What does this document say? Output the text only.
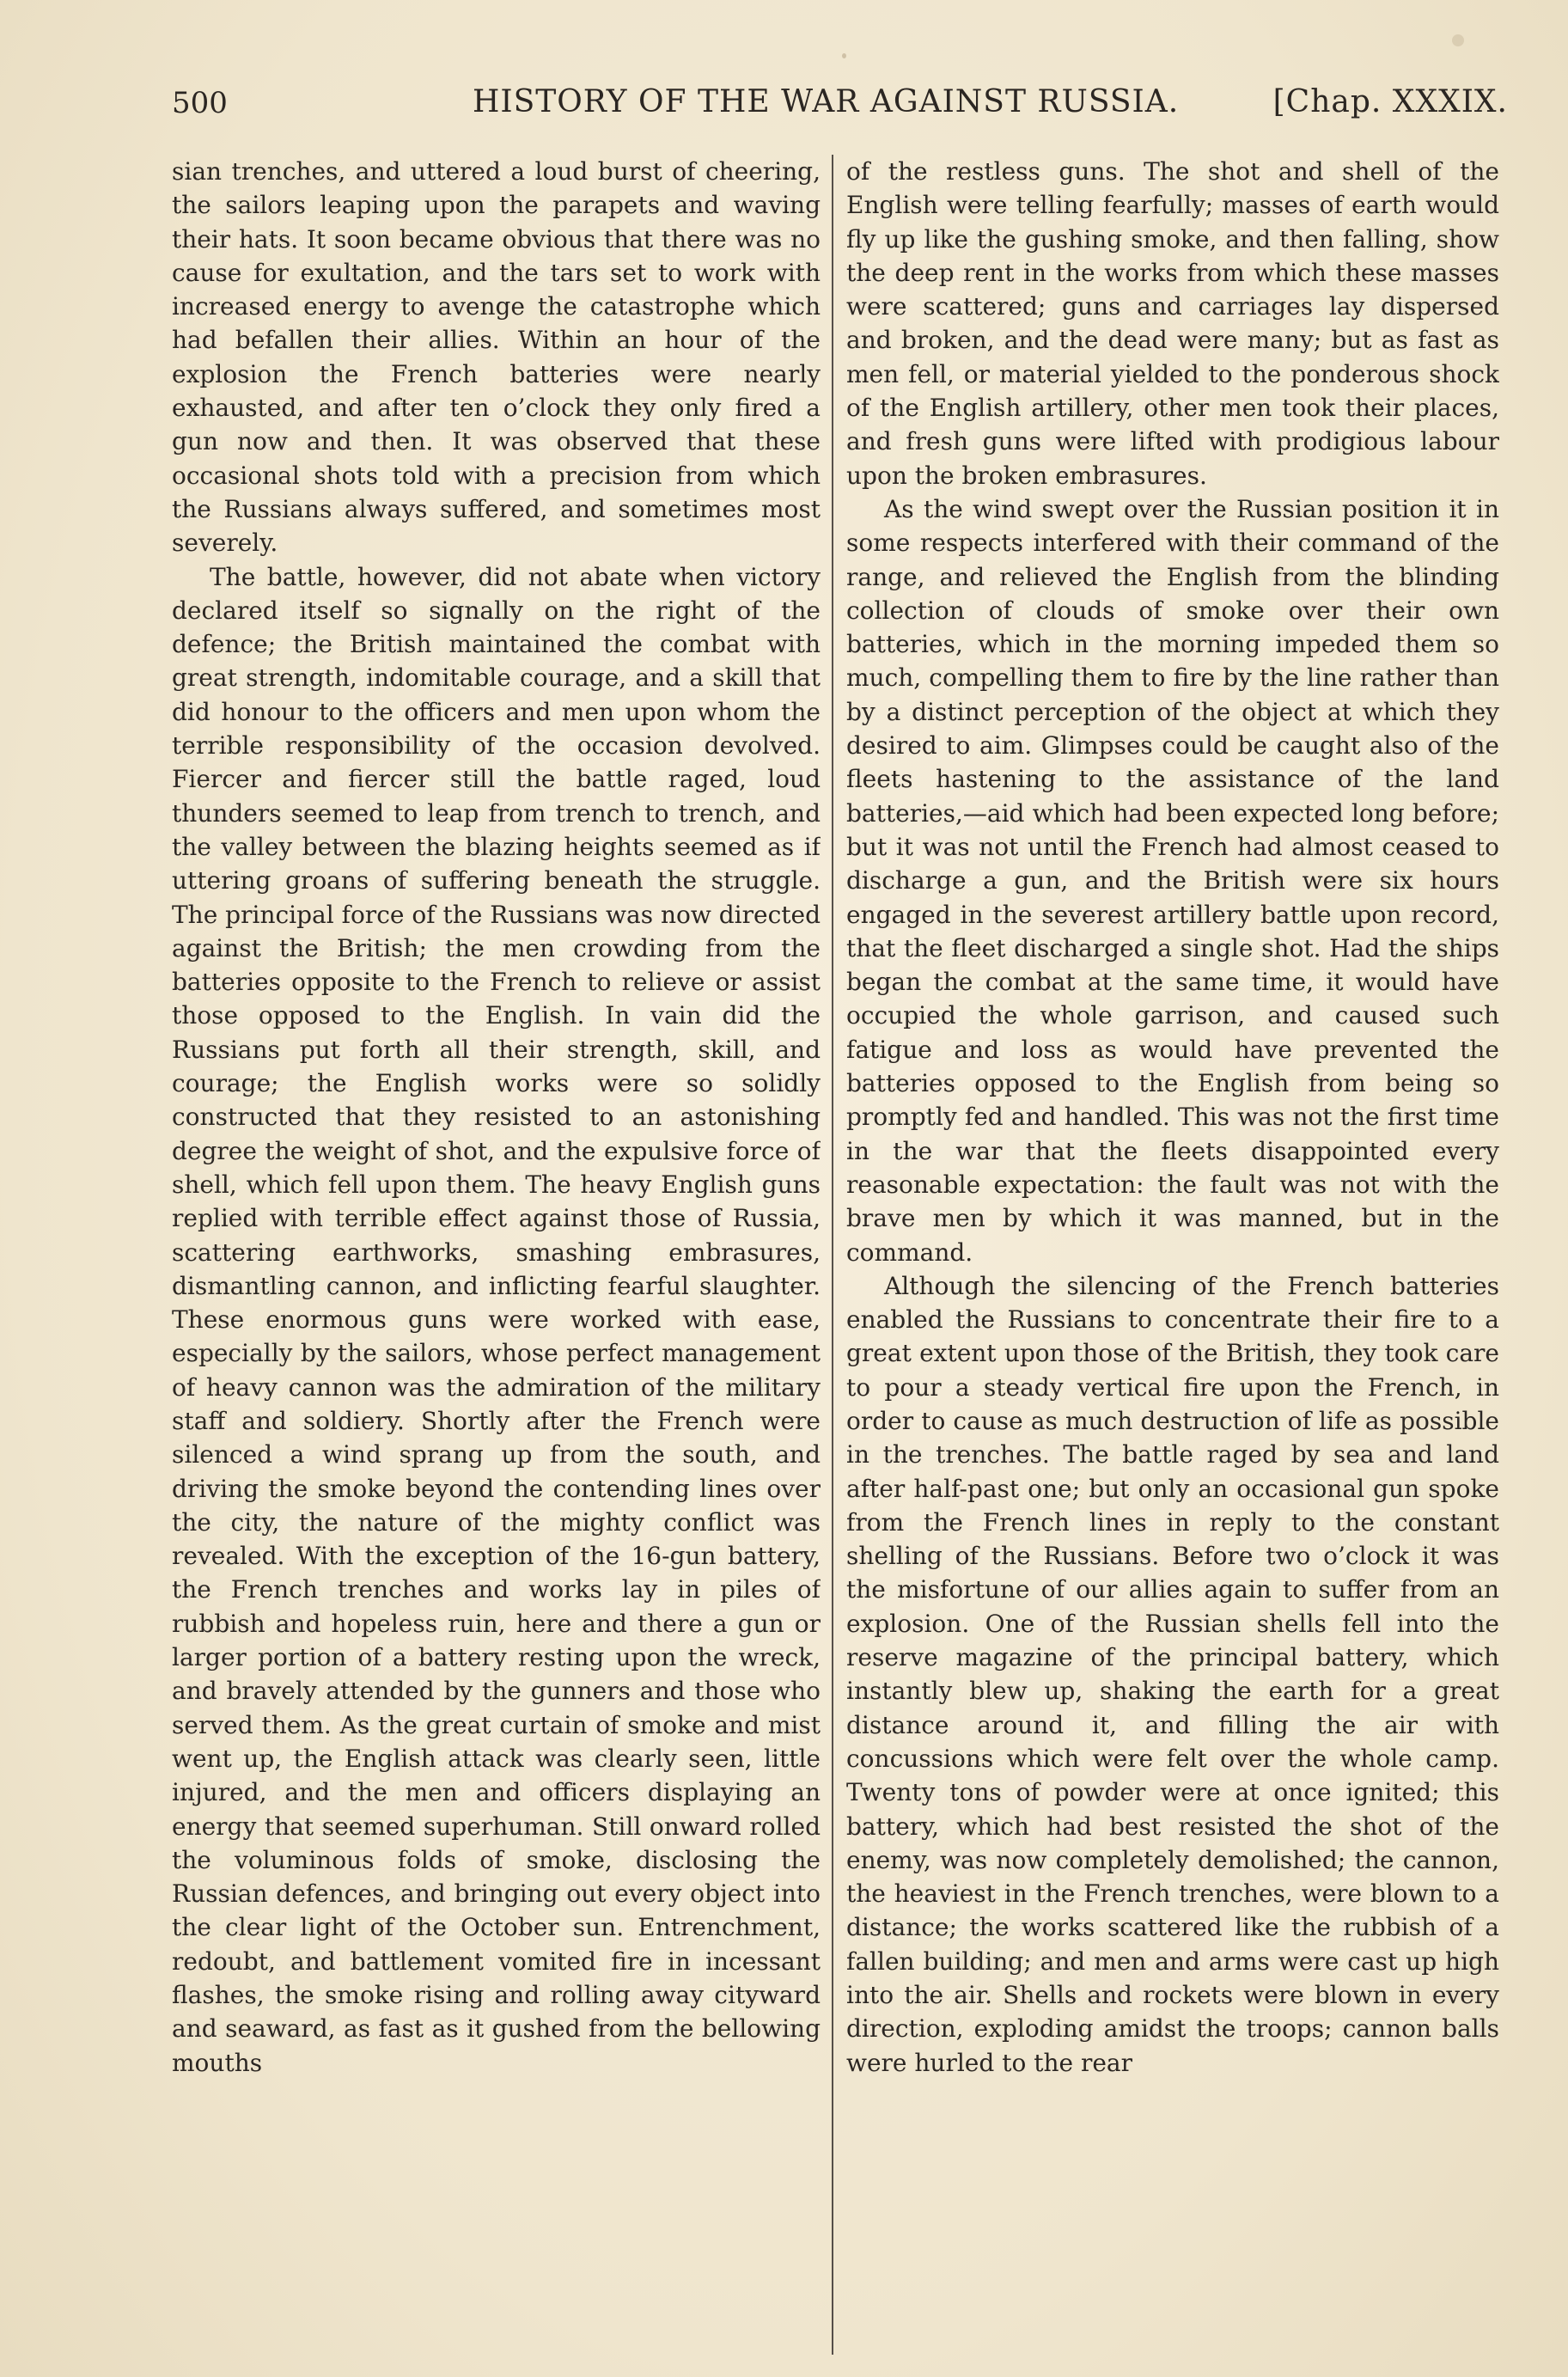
500	HISTORY OF THE WAR AGAINST RUSSIA.	[Chap. XXXIX.

sian trenches, and uttered a loud burst of cheering, the sailors leaping upon the parapets and waving their hats. It soon became obvious that there was no cause for exultation, and the tars set to work with increased energy to avenge the catastrophe which had befallen their allies. Within an hour of the explosion the French batteries were nearly exhausted, and after ten o’clock they only fired a gun now and then. It was observed that these occasional shots told with a precision from which the Russians always suffered, and sometimes most severely.

The battle, however, did not abate when victory declared itself so signally on the right of the defence; the British maintained the combat with great strength, indomitable courage, and a skill that did honour to the officers and men upon whom the terrible responsibility of the occasion devolved. Fiercer and fiercer still the battle raged, loud thunders seemed to leap from trench to trench, and the valley between the blazing heights seemed as if uttering groans of suffering beneath the struggle. The principal force of the Russians was now directed against the British; the men crowding from the batteries opposite to the French to relieve or assist those opposed to the English. In vain did the Russians put forth all their strength, skill, and courage; the English works were so solidly constructed that they resisted to an astonishing degree the weight of shot, and the expulsive force of shell, which fell upon them. The heavy English guns replied with terrible effect against those of Russia, scattering earthworks, smashing embrasures, dismantling cannon, and inflicting fearful slaughter. These enormous guns were worked with ease, especially by the sailors, whose perfect management of heavy cannon was the admiration of the military staff and soldiery. Shortly after the French were silenced a wind sprang up from the south, and driving the smoke beyond the contending lines over the city, the nature of the mighty conflict was revealed. With the exception of the 16-gun battery, the French trenches and works lay in piles of rubbish and hopeless ruin, here and there a gun or larger portion of a battery resting upon the wreck, and bravely attended by the gunners and those who served them. As the great curtain of smoke and mist went up, the English attack was clearly seen, little injured, and the men and officers displaying an energy that seemed superhuman. Still onward rolled the voluminous folds of smoke, disclosing the Russian defences, and bringing out every object into the clear light of the October sun. Entrenchment, redoubt, and battlement vomited fire in incessant flashes, the smoke rising and rolling away cityward and seaward, as fast as it gushed from the bellowing mouths

of the restless guns. The shot and shell of the English were telling fearfully; masses of earth would fly up like the gushing smoke, and then falling, show the deep rent in the works from which these masses were scattered; guns and carriages lay dispersed and broken, and the dead were many; but as fast as men fell, or material yielded to the ponderous shock of the English artillery, other men took their places, and fresh guns were lifted with prodigious labour upon the broken embrasures.

As the wind swept over the Russian position it in some respects interfered with their command of the range, and relieved the English from the blinding collection of clouds of smoke over their own batteries, which in the morning impeded them so much, compelling them to fire by the line rather than by a distinct perception of the object at which they desired to aim. Glimpses could be caught also of the fleets hastening to the assistance of the land batteries,—aid which had been expected long before; but it was not until the French had almost ceased to discharge a gun, and the British were six hours engaged in the severest artillery battle upon record, that the fleet discharged a single shot. Had the ships began the combat at the same time, it would have occupied the whole garrison, and caused such fatigue and loss as would have prevented the batteries opposed to the English from being so promptly fed and handled. This was not the first time in the war that the fleets disappointed every reasonable expectation: the fault was not with the brave men by which it was manned, but in the command.

Although the silencing of the French batteries enabled the Russians to concentrate their fire to a great extent upon those of the British, they took care to pour a steady vertical fire upon the French, in order to cause as much destruction of life as possible in the trenches. The battle raged by sea and land after half-past one; but only an occasional gun spoke from the French lines in reply to the constant shelling of the Russians. Before two o’clock it was the misfortune of our allies again to suffer from an explosion. One of the Russian shells fell into the reserve magazine of the principal battery, which instantly blew up, shaking the earth for a great distance around it, and filling the air with concussions which were felt over the whole camp. Twenty tons of powder were at once ignited; this battery, which had best resisted the shot of the enemy, was now completely demolished; the cannon, the heaviest in the French trenches, were blown to a distance; the works scattered like the rubbish of a fallen building; and men and arms were cast up high into the air. Shells and rockets were blown in every direction, exploding amidst the troops; cannon balls were hurled to the rear
